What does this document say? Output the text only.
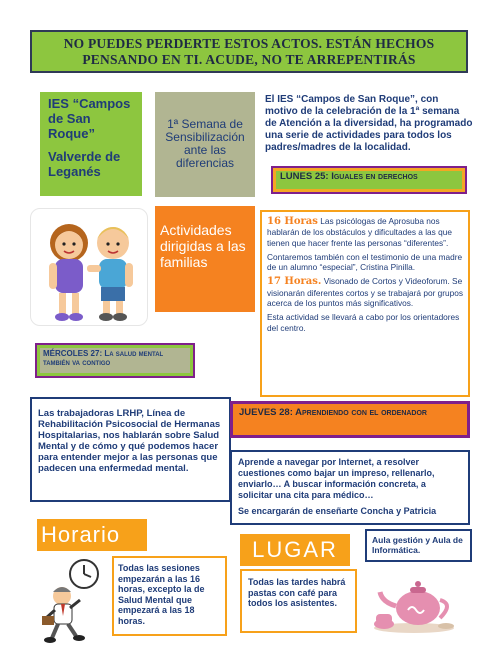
NO PUEDES PERDERTE ESTOS ACTOS. ESTÁN HECHOS PENSANDO EN TI. ACUDE, NO TE ARREPENTIRÁS
IES “Campos de San Roque”
Valverde de Leganés
1ª Semana de Sensibilización ante las diferencias
El IES “Campos de San Roque”, con motivo de la celebración de la 1ª semana de Atención a la diversidad, ha programado una serie de actividades para todos los padres/madres de la localidad.
LUNES 25: Iguales en derechos
Actividades dirigidas a las familias

16 Horas Las psicólogas de Aprosuba nos hablarán de los obstáculos y dificultades a las que tienen que hacer frente las personas “diferentes”.

Contaremos también con el testimonio de una madre de un alumno “especial”, Cristina Pinilla.

17 Horas. Visonado de Cortos y Videoforum. Se visionarán diferentes cortos y se trabajará por grupos acerca de los puntos más significativos.

Esta actividad se llevará a cabo por los orientadores del centro.

MÉRCOLES 27: La salud mental también va contigo
Las trabajadoras LRHP, Línea de Rehabilitación Psicosocial de Hermanas Hospitalarias, nos hablarán sobre Salud Mental y de cómo y qué podemos hacer para entender mejor a las personas que padecen una enfermedad mental.
JUEVES 28: Aprendiendo con el ordenador

Aprende a navegar por Internet, a resolver cuestiones como bajar un impreso, rellenarlo, enviarlo… A buscar información concreta, a solicitar una cita para médico…

Se encargarán de enseñarte Concha y Patricia

Horario
LUGAR	Aula gestión y Aula de Informática.
Todas las sesiones empezarán a las 16 horas, excepto la de Salud Mental que empezará a las 18 horas.
Todas las tardes habrá pastas con café para todos los asistentes.
